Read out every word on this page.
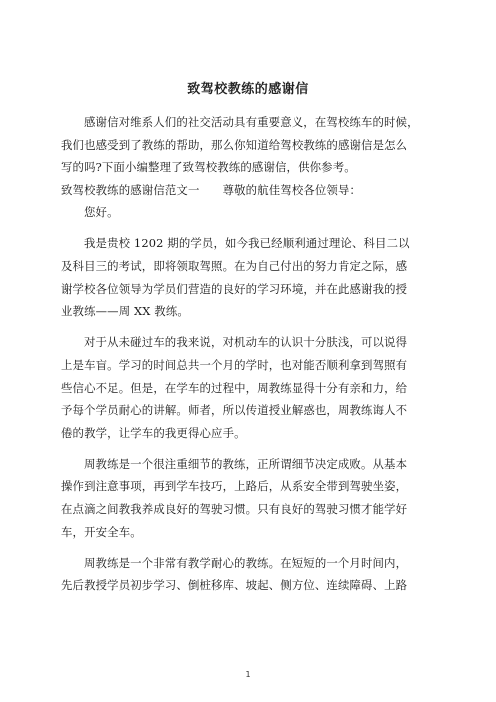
致驾校教练的感谢信
感谢信对维系人们的社交活动具有重要意义，在驾校练车的时候，
我们也感受到了教练的帮助，那么你知道给驾校教练的感谢信是怎么
写的吗?下面小编整理了致驾校教练的感谢信，供你参考。
致驾校教练的感谢信范文一　　尊敬的航佳驾校各位领导：
您好。
我是贵校 1202 期的学员，如今我已经顺利通过理论、科目二以
及科目三的考试，即将领取驾照。在为自己付出的努力肯定之际，感
谢学校各位领导为学员们营造的良好的学习环境，并在此感谢我的授
业教练——周 XX 教练。
对于从未碰过车的我来说，对机动车的认识十分肤浅，可以说得
上是车盲。学习的时间总共一个月的学时，也对能否顺利拿到驾照有
些信心不足。但是，在学车的过程中，周教练显得十分有亲和力，给
予每个学员耐心的讲解。师者，所以传道授业解惑也，周教练诲人不
倦的教学，让学车的我更得心应手。
周教练是一个很注重细节的教练，正所谓细节决定成败。从基本
操作到注意事项，再到学车技巧，上路后，从系安全带到驾驶坐姿，
在点滴之间教我养成良好的驾驶习惯。只有良好的驾驶习惯才能学好
车，开安全车。
周教练是一个非常有教学耐心的教练。在短短的一个月时间内，
先后教授学员初步学习、倒桩移库、坡起、侧方位、连续障碍、上路
1
